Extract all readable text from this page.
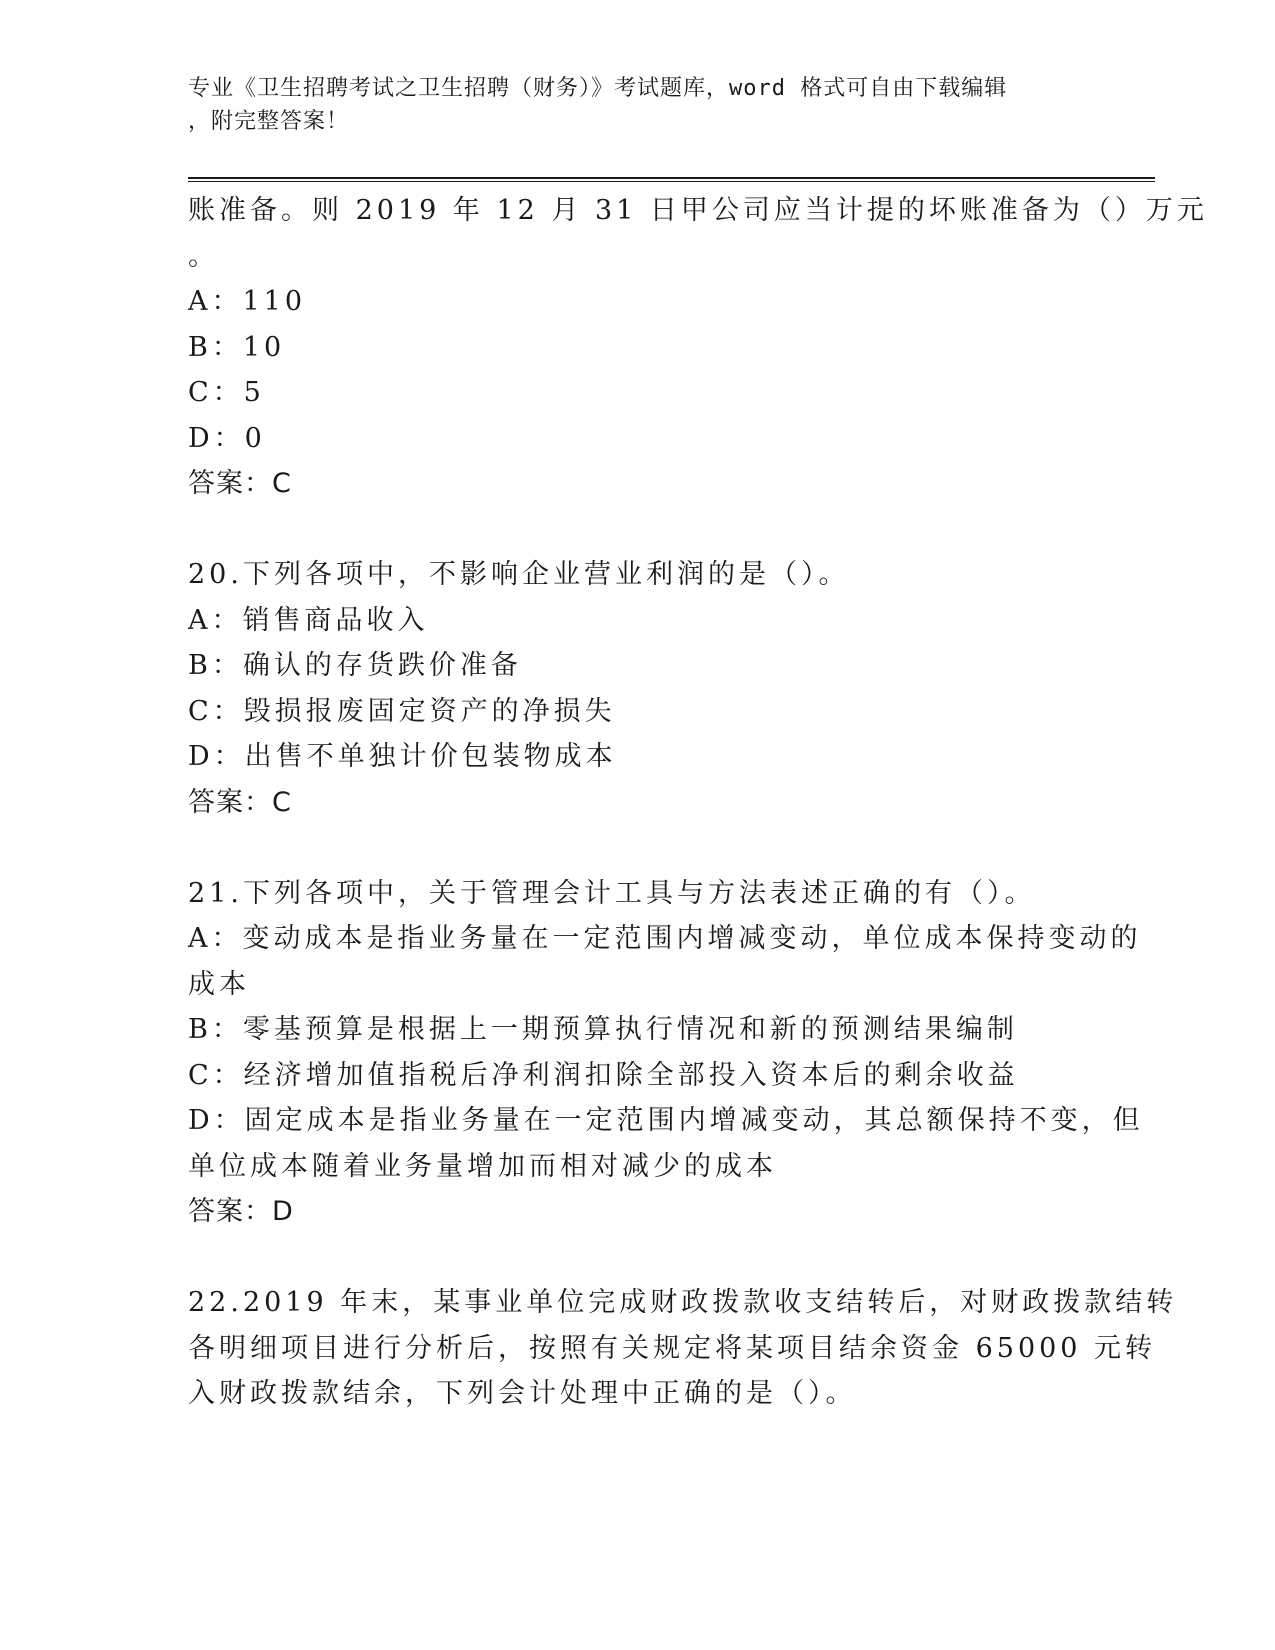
专业《卫生招聘考试之卫生招聘（财务）》考试题库，word 格式可自由下载编辑
，附完整答案！
账准备。则 2019 年 12 月 31 日甲公司应当计提的坏账准备为（）万元
。
A：110
B：10
C：5
D：0
答案：C
20.下列各项中，不影响企业营业利润的是（）。
A：销售商品收入
B：确认的存货跌价准备
C：毁损报废固定资产的净损失
D：出售不单独计价包装物成本
答案：C
21.下列各项中，关于管理会计工具与方法表述正确的有（）。
A：变动成本是指业务量在一定范围内增减变动，单位成本保持变动的
成本
B：零基预算是根据上一期预算执行情况和新的预测结果编制
C：经济增加值指税后净利润扣除全部投入资本后的剩余收益
D：固定成本是指业务量在一定范围内增减变动，其总额保持不变，但
单位成本随着业务量增加而相对减少的成本
答案：D
22.2019 年末，某事业单位完成财政拨款收支结转后，对财政拨款结转
各明细项目进行分析后，按照有关规定将某项目结余资金 65000 元转
入财政拨款结余，下列会计处理中正确的是（）。
